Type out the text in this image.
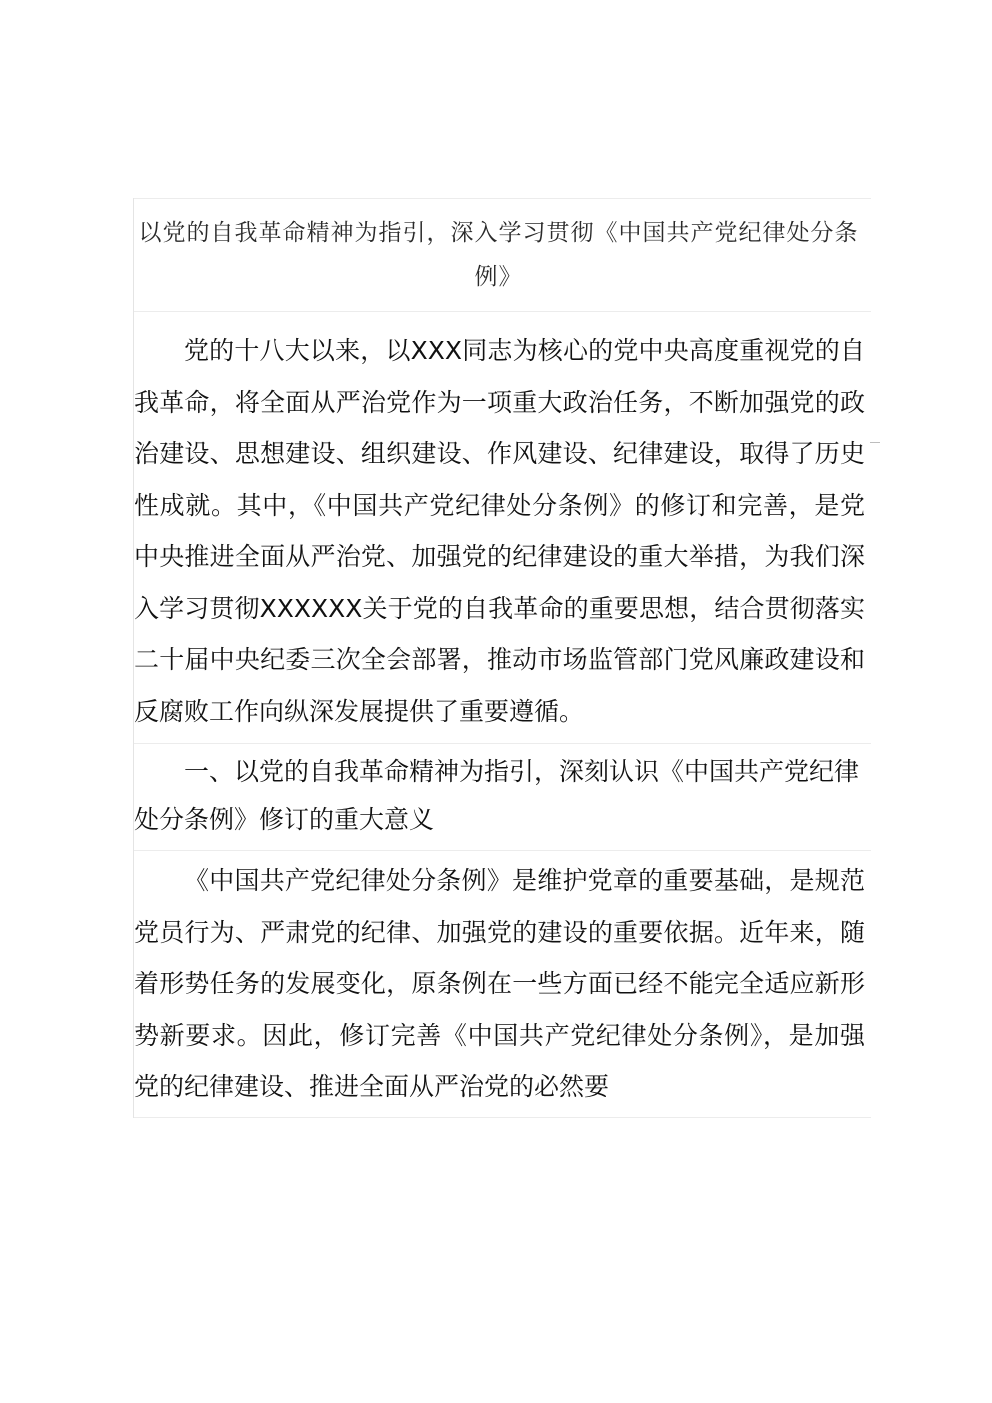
以党的自我革命精神为指引，深入学习贯彻《中国共产党纪律处分条例》

党的十八大以来，以XXX同志为核心的党中央高度重视党的自我革命，将全面从严治党作为一项重大政治任务，不断加强党的政治建设、思想建设、组织建设、作风建设、纪律建设，取得了历史性成就。其中，《中国共产党纪律处分条例》的修订和完善，是党中央推进全面从严治党、加强党的纪律建设的重大举措，为我们深入学习贯彻XXXXXX关于党的自我革命的重要思想，结合贯彻落实二十届中央纪委三次全会部署，推动市场监管部门党风廉政建设和反腐败工作向纵深发展提供了重要遵循。

一、以党的自我革命精神为指引，深刻认识《中国共产党纪律处分条例》修订的重大意义

《中国共产党纪律处分条例》是维护党章的重要基础，是规范党员行为、严肃党的纪律、加强党的建设的重要依据。近年来，随着形势任务的发展变化，原条例在一些方面已经不能完全适应新形势新要求。因此，修订完善《中国共产党纪律处分条例》，是加强党的纪律建设、推进全面从严治党的必然要
